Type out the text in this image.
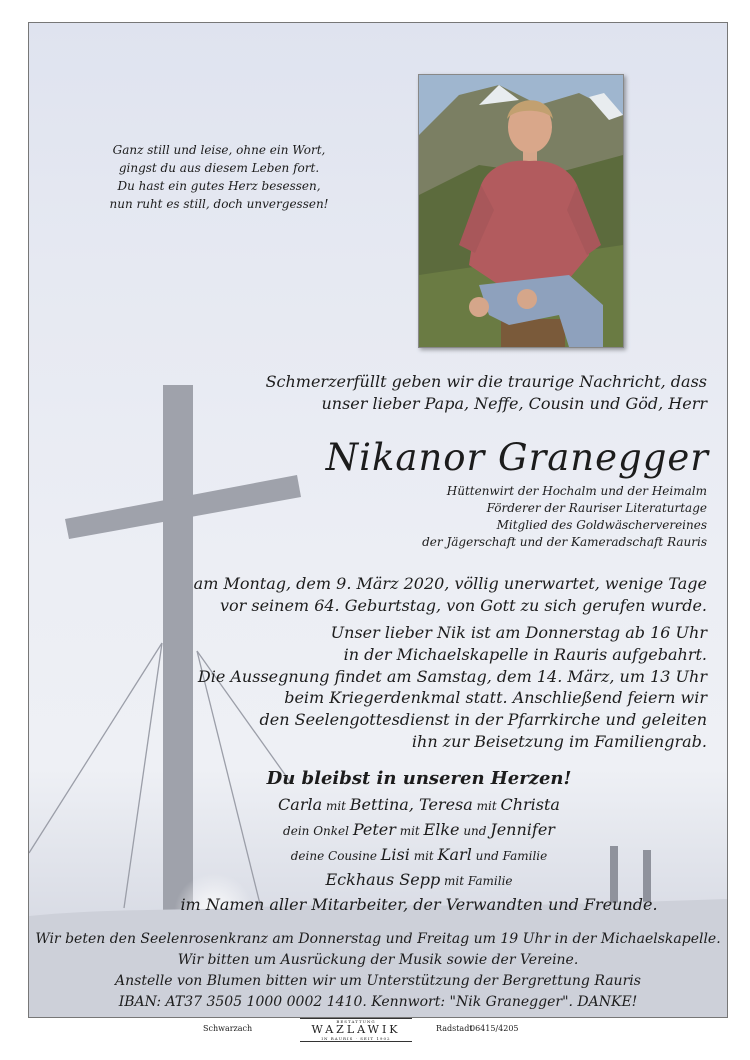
Ganz still und leise, ohne ein Wort,
gingst du aus diesem Leben fort.
Du hast ein gutes Herz besessen,
nun ruht es still, doch unvergessen!
Schmerzerfüllt geben wir die traurige Nachricht, dass
unser lieber Papa, Neffe, Cousin und Göd, Herr
Nikanor Granegger
Hüttenwirt der Hochalm und der Heimalm
Förderer der Rauriser Literaturtage
Mitglied des Goldwäschervereines
der Jägerschaft und der Kameradschaft Rauris
am Montag, dem 9. März 2020, völlig unerwartet, wenige Tage
vor seinem 64. Geburtstag, von Gott zu sich gerufen wurde.
Unser lieber Nik ist am Donnerstag ab 16 Uhr
in der Michaelskapelle in Rauris aufgebahrt.
Die Aussegnung findet am Samstag, dem 14. März, um 13 Uhr
beim Kriegerdenkmal statt. Anschließend feiern wir
den Seelengottesdienst in der Pfarrkirche und geleiten
ihn zur Beisetzung im Familiengrab.
Du bleibst in unseren Herzen!
Carla mit Bettina, Teresa mit Christa
dein Onkel Peter mit Elke und Jennifer
deine Cousine Lisi mit Karl und Familie
Eckhaus Sepp mit Familie
im Namen aller Mitarbeiter, der Verwandten und Freunde.
Wir beten den Seelenrosenkranz am Donnerstag und Freitag um 19 Uhr in der Michaelskapelle.
Wir bitten um Ausrückung der Musik sowie der Vereine.
Anstelle von Blumen bitten wir um Unterstützung der Bergrettung Rauris
IBAN: AT37 3505 1000 0002 1410. Kennwort: "Nik Granegger". DANKE!
Schwarzach
BESTATTUNG
WAZLAWIK
IN RAURIS · SEIT 1902
Radstadt
06415/4205
